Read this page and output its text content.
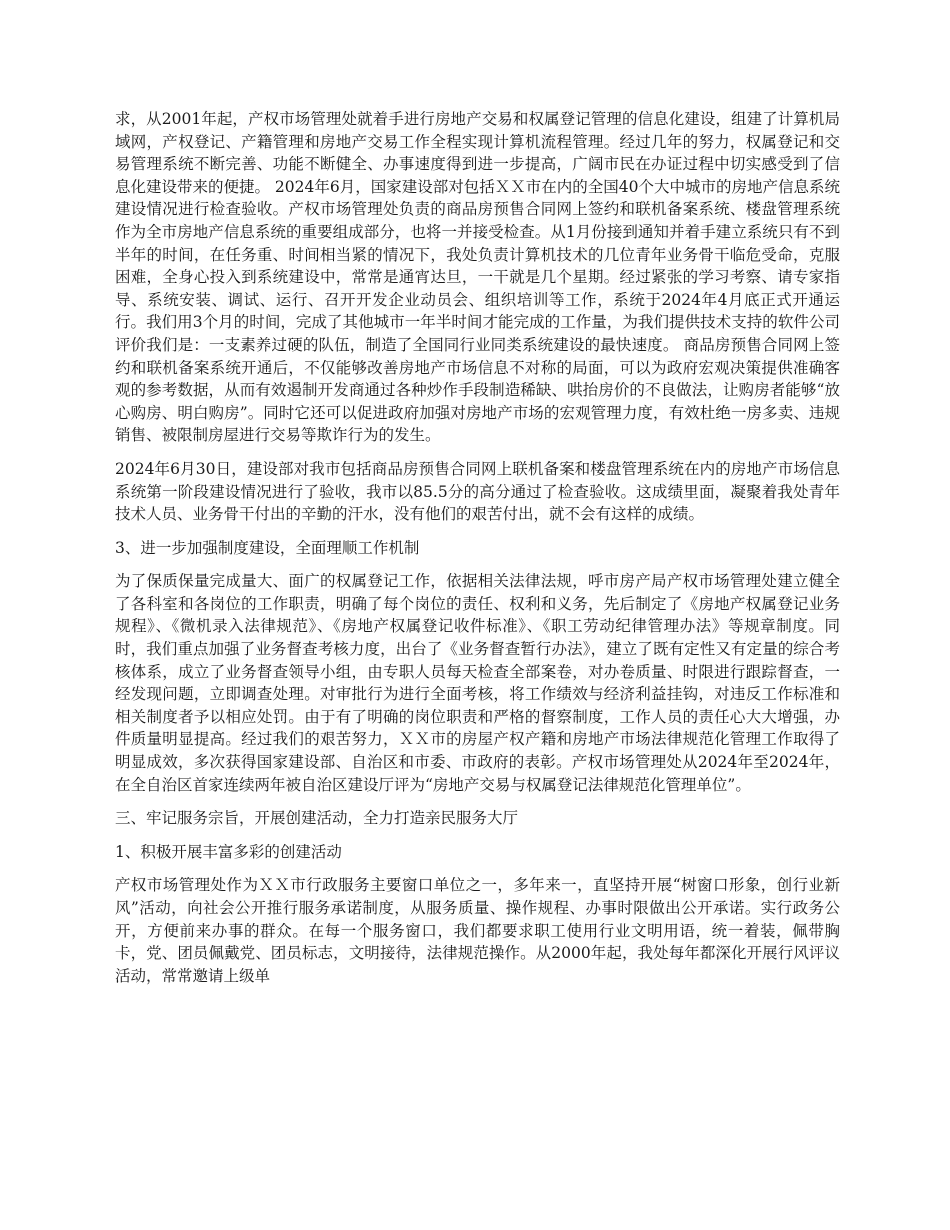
求，从2001年起，产权市场管理处就着手进行房地产交易和权属登记管理的信息化建设，组建了计算机局域网，产权登记、产籍管理和房地产交易工作全程实现计算机流程管理。经过几年的努力，权属登记和交易管理系统不断完善、功能不断健全、办事速度得到进一步提高，广阔市民在办证过程中切实感受到了信息化建设带来的便捷。 2024年6月，国家建设部对包括ＸＸ市在内的全国40个大中城市的房地产信息系统建设情况进行检查验收。产权市场管理处负责的商品房预售合同网上签约和联机备案系统、楼盘管理系统作为全市房地产信息系统的重要组成部分，也将一并接受检查。从1月份接到通知并着手建立系统只有不到半年的时间，在任务重、时间相当紧的情况下，我处负责计算机技术的几位青年业务骨干临危受命，克服困难，全身心投入到系统建设中，常常是通宵达旦，一干就是几个星期。经过紧张的学习考察、请专家指导、系统安装、调试、运行、召开开发企业动员会、组织培训等工作，系统于2024年4月底正式开通运行。我们用3个月的时间，完成了其他城市一年半时间才能完成的工作量，为我们提供技术支持的软件公司评价我们是：一支素养过硬的队伍，制造了全国同行业同类系统建设的最快速度。 商品房预售合同网上签约和联机备案系统开通后，不仅能够改善房地产市场信息不对称的局面，可以为政府宏观决策提供准确客观的参考数据，从而有效遏制开发商通过各种炒作手段制造稀缺、哄抬房价的不良做法，让购房者能够“放心购房、明白购房”。同时它还可以促进政府加强对房地产市场的宏观管理力度，有效杜绝一房多卖、违规销售、被限制房屋进行交易等欺诈行为的发生。

2024年6月30日，建设部对我市包括商品房预售合同网上联机备案和楼盘管理系统在内的房地产市场信息系统第一阶段建设情况进行了验收，我市以85.5分的高分通过了检查验收。这成绩里面，凝聚着我处青年技术人员、业务骨干付出的辛勤的汗水，没有他们的艰苦付出，就不会有这样的成绩。

3、进一步加强制度建设，全面理顺工作机制

为了保质保量完成量大、面广的权属登记工作，依据相关法律法规，呼市房产局产权市场管理处建立健全了各科室和各岗位的工作职责，明确了每个岗位的责任、权利和义务，先后制定了《房地产权属登记业务规程》、《微机录入法律规范》、《房地产权属登记收件标准》、《职工劳动纪律管理办法》等规章制度。同时，我们重点加强了业务督查考核力度，出台了《业务督查暂行办法》，建立了既有定性又有定量的综合考核体系，成立了业务督查领导小组，由专职人员每天检查全部案卷，对办卷质量、时限进行跟踪督查，一经发现问题，立即调查处理。对审批行为进行全面考核，将工作绩效与经济利益挂钩，对违反工作标准和相关制度者予以相应处罚。由于有了明确的岗位职责和严格的督察制度，工作人员的责任心大大增强，办件质量明显提高。经过我们的艰苦努力，ＸＸ市的房屋产权产籍和房地产市场法律规范化管理工作取得了明显成效，多次获得国家建设部、自治区和市委、市政府的表彰。产权市场管理处从2024年至2024年，在全自治区首家连续两年被自治区建设厅评为“房地产交易与权属登记法律规范化管理单位”。

三、牢记服务宗旨，开展创建活动，全力打造亲民服务大厅

1、积极开展丰富多彩的创建活动

产权市场管理处作为ＸＸ市行政服务主要窗口单位之一，多年来一，直坚持开展“树窗口形象，创行业新风”活动，向社会公开推行服务承诺制度，从服务质量、操作规程、办事时限做出公开承诺。实行政务公开，方便前来办事的群众。在每一个服务窗口，我们都要求职工使用行业文明用语，统一着装，佩带胸卡，党、团员佩戴党、团员标志，文明接待，法律规范操作。从2000年起，我处每年都深化开展行风评议活动，常常邀请上级单
